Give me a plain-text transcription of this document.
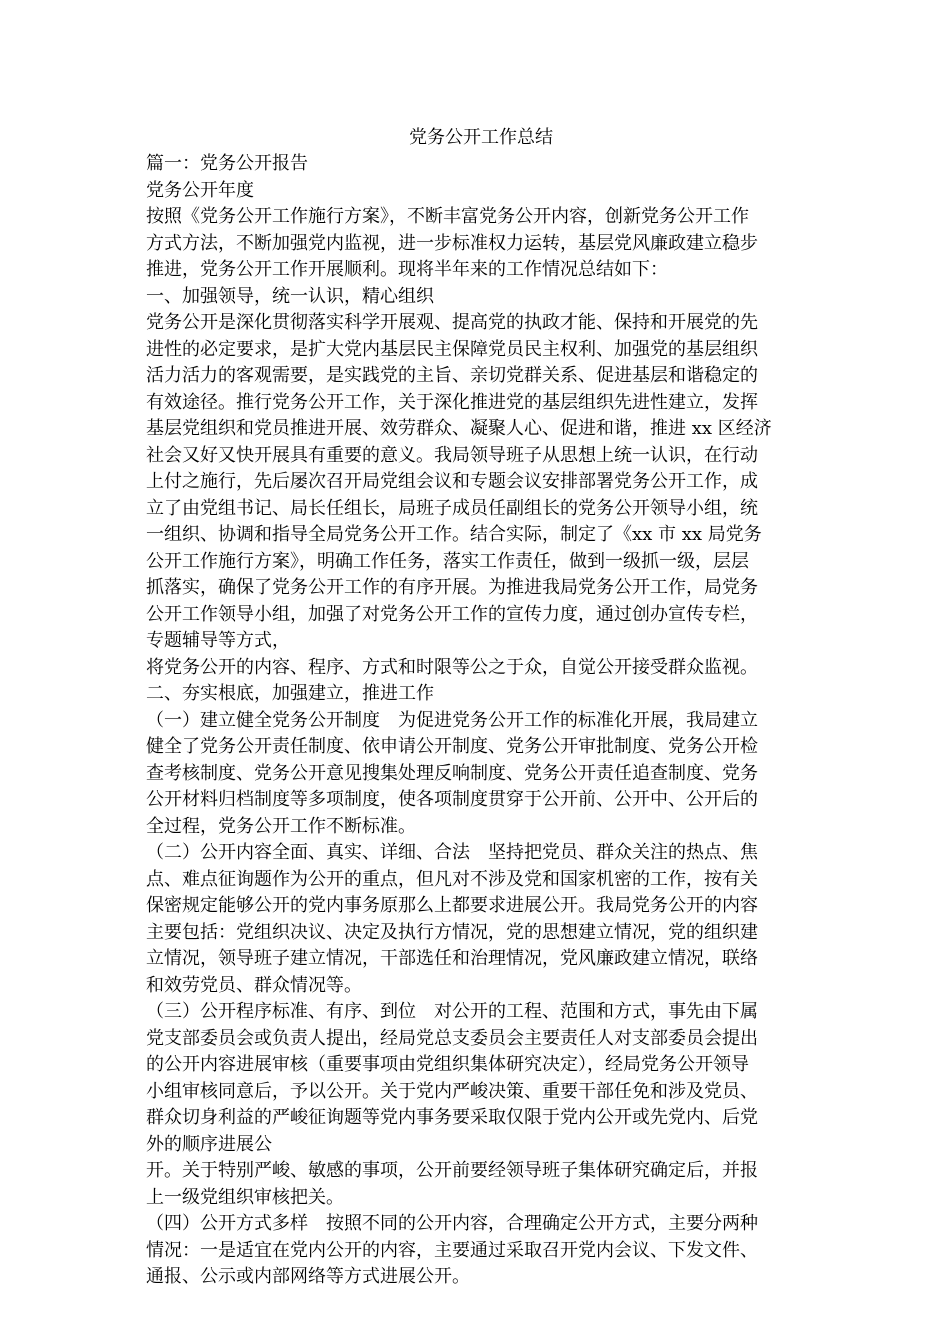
党务公开工作总结

篇一：党务公开报告

党务公开年度

按照《党务公开工作施行方案》，不断丰富党务公开内容，创新党务公开工作

方式方法，不断加强党内监视，进一步标准权力运转，基层党风廉政建立稳步

推进，党务公开工作开展顺利。现将半年来的工作情况总结如下：

一、加强领导，统一认识，精心组织

党务公开是深化贯彻落实科学开展观、提高党的执政才能、保持和开展党的先

进性的必定要求，是扩大党内基层民主保障党员民主权利、加强党的基层组织

活力活力的客观需要，是实践党的主旨、亲切党群关系、促进基层和谐稳定的

有效途径。推行党务公开工作，关于深化推进党的基层组织先进性建立，发挥

基层党组织和党员推进开展、效劳群众、凝聚人心、促进和谐，推进 xx 区经济

社会又好又快开展具有重要的意义。我局领导班子从思想上统一认识，在行动

上付之施行，先后屡次召开局党组会议和专题会议安排部署党务公开工作，成

立了由党组书记、局长任组长，局班子成员任副组长的党务公开领导小组，统

一组织、协调和指导全局党务公开工作。结合实际，制定了《xx 市 xx 局党务

公开工作施行方案》，明确工作任务，落实工作责任，做到一级抓一级，层层

抓落实，确保了党务公开工作的有序开展。为推进我局党务公开工作，局党务

公开工作领导小组，加强了对党务公开工作的宣传力度，通过创办宣传专栏，

专题辅导等方式，

将党务公开的内容、程序、方式和时限等公之于众，自觉公开接受群众监视。

二、夯实根底，加强建立，推进工作

（一）建立健全党务公开制度　为促进党务公开工作的标准化开展，我局建立

健全了党务公开责任制度、依申请公开制度、党务公开审批制度、党务公开检

查考核制度、党务公开意见搜集处理反响制度、党务公开责任追查制度、党务

公开材料归档制度等多项制度，使各项制度贯穿于公开前、公开中、公开后的

全过程，党务公开工作不断标准。

（二）公开内容全面、真实、详细、合法　坚持把党员、群众关注的热点、焦

点、难点征询题作为公开的重点，但凡对不涉及党和国家机密的工作，按有关

保密规定能够公开的党内事务原那么上都要求进展公开。我局党务公开的内容

主要包括：党组织决议、决定及执行方情况，党的思想建立情况，党的组织建

立情况，领导班子建立情况，干部选任和治理情况，党风廉政建立情况，联络

和效劳党员、群众情况等。

（三）公开程序标准、有序、到位　对公开的工程、范围和方式，事先由下属

党支部委员会或负责人提出，经局党总支委员会主要责任人对支部委员会提出

的公开内容进展审核（重要事项由党组织集体研究决定），经局党务公开领导

小组审核同意后，予以公开。关于党内严峻决策、重要干部任免和涉及党员、

群众切身利益的严峻征询题等党内事务要采取仅限于党内公开或先党内、后党

外的顺序进展公

开。关于特别严峻、敏感的事项，公开前要经领导班子集体研究确定后，并报

上一级党组织审核把关。

（四）公开方式多样　按照不同的公开内容，合理确定公开方式，主要分两种

情况：一是适宜在党内公开的内容，主要通过采取召开党内会议、下发文件、

通报、公示或内部网络等方式进展公开。
